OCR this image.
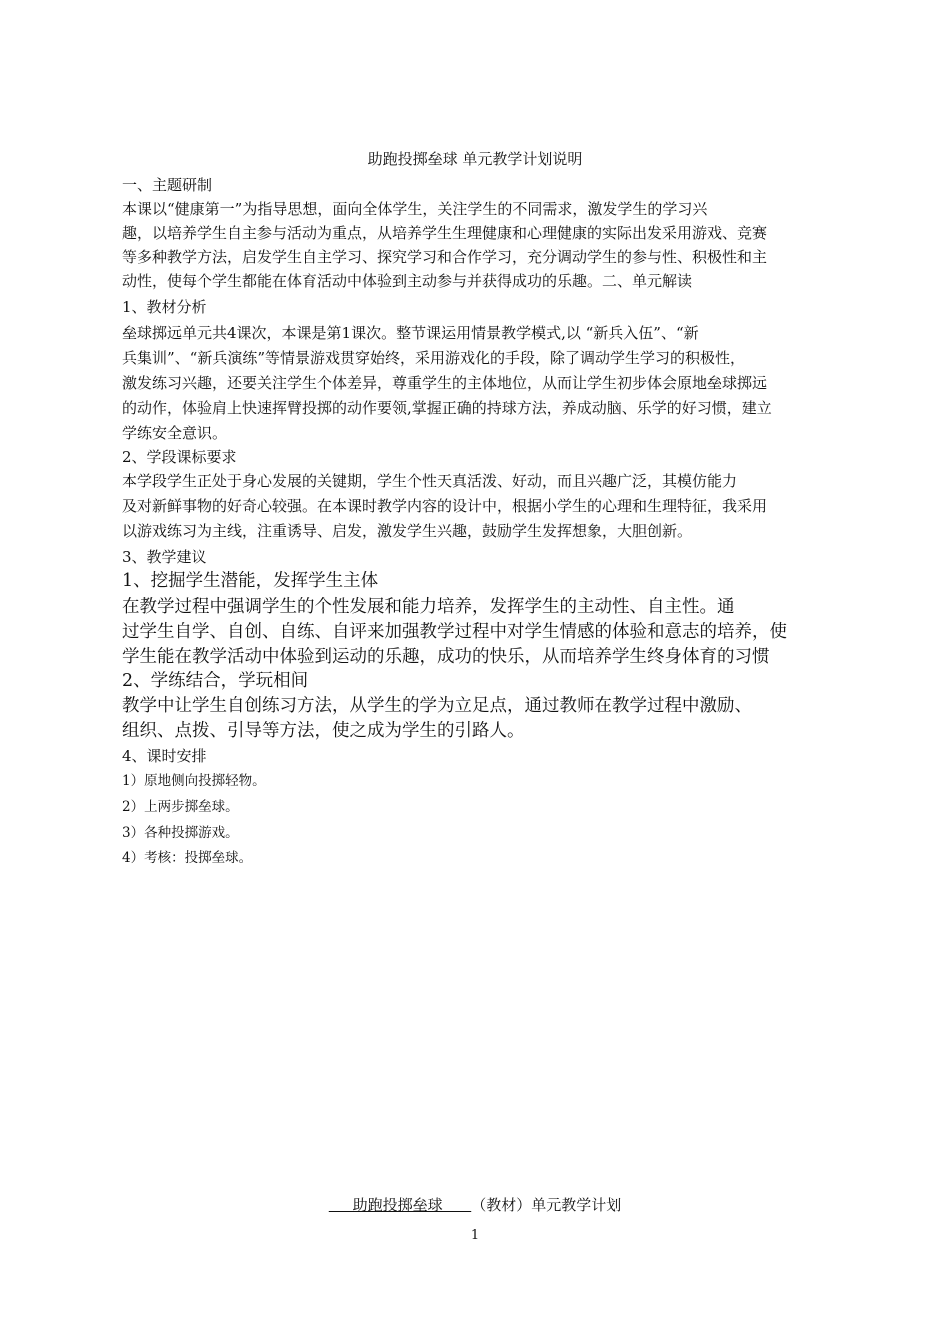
助跑投掷垒球 单元教学计划说明
一、主题研制
本课以“健康第一”为指导思想，面向全体学生，关注学生的不同需求，激发学生的学习兴
趣，以培养学生自主参与活动为重点，从培养学生生理健康和心理健康的实际出发采用游戏、竞赛
等多种教学方法，启发学生自主学习、探究学习和合作学习，充分调动学生的参与性、积极性和主
动性，使每个学生都能在体育活动中体验到主动参与并获得成功的乐趣。二、单元解读
1、教材分析
垒球掷远单元共4课次，本课是第1课次。整节课运用情景教学模式,以 “新兵入伍”、“新
兵集训”、“新兵演练”等情景游戏贯穿始终，采用游戏化的手段，除了调动学生学习的积极性，
激发练习兴趣，还要关注学生个体差异，尊重学生的主体地位，从而让学生初步体会原地垒球掷远
的动作，体验肩上快速挥臂投掷的动作要领,掌握正确的持球方法，养成动脑、乐学的好习惯，建立
学练安全意识。
2、学段课标要求
本学段学生正处于身心发展的关键期，学生个性天真活泼、好动，而且兴趣广泛，其模仿能力
及对新鲜事物的好奇心较强。在本课时教学内容的设计中，根据小学生的心理和生理特征，我采用
以游戏练习为主线，注重诱导、启发，激发学生兴趣，鼓励学生发挥想象，大胆创新。
3、教学建议
1、挖掘学生潜能，发挥学生主体
在教学过程中强调学生的个性发展和能力培养，发挥学生的主动性、自主性。通
过学生自学、自创、自练、自评来加强教学过程中对学生情感的体验和意志的培养，使
学生能在教学活动中体验到运动的乐趣，成功的快乐，从而培养学生终身体育的习惯
2、学练结合，学玩相间
教学中让学生自创练习方法，从学生的学为立足点，通过教师在教学过程中激励、
组织、点拨、引导等方法，使之成为学生的引路人。
4、课时安排
1）原地侧向投掷轻物。
2）上两步掷垒球。
3）各种投掷游戏。
4）考核：投掷垒球。
助跑投掷垒球      （教材）单元教学计划
1
